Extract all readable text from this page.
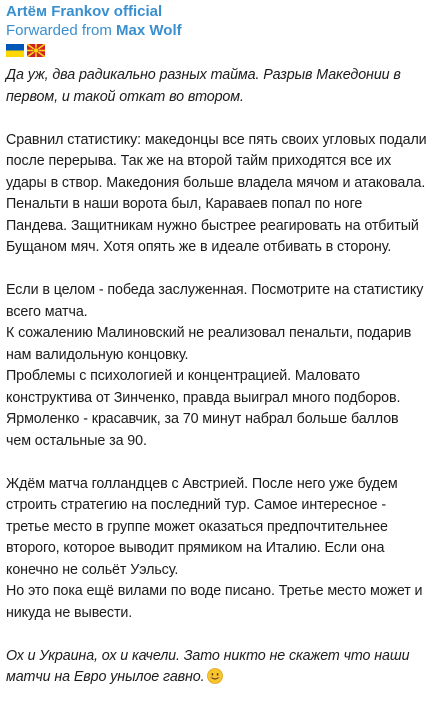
Artём Frankov official
Forwarded from Max Wolf

Да уж, два радикально разных тайма. Разрыв Македонии в первом, и такой откат во втором.

Сравнил статистику: македонцы все пять своих угловых подали после перерыва. Так же на второй тайм приходятся все их удары в створ. Македония больше владела мячом и атаковала.

Пенальти в наши ворота был, Караваев попал по ноге Пандева. Защитникам нужно быстрее реагировать на отбитый Бущаном мяч. Хотя опять же в идеале отбивать в сторону.

Если в целом - победа заслуженная. Посмотрите на статистику всего матча.

К сожалению Малиновский не реализовал пенальти, подарив нам валидольную концовку.

Проблемы с психологией и концентрацией. Маловато конструктива от Зинченко, правда выиграл много подборов.

Ярмоленко - красавчик, за 70 минут набрал больше баллов чем остальные за 90.

Ждём матча голландцев с Австрией. После него уже будем строить стратегию на последний тур. Самое интересное - третье место в группе может оказаться предпочтительнее второго, которое выводит прямиком на Италию. Если она конечно не сольёт Уэльсу.

Но это пока ещё вилами по воде писано. Третье место может и никуда не вывести.

Ох и Украина, ох и качели. Зато никто не скажет что наши матчи на Евро унылое гавно.
